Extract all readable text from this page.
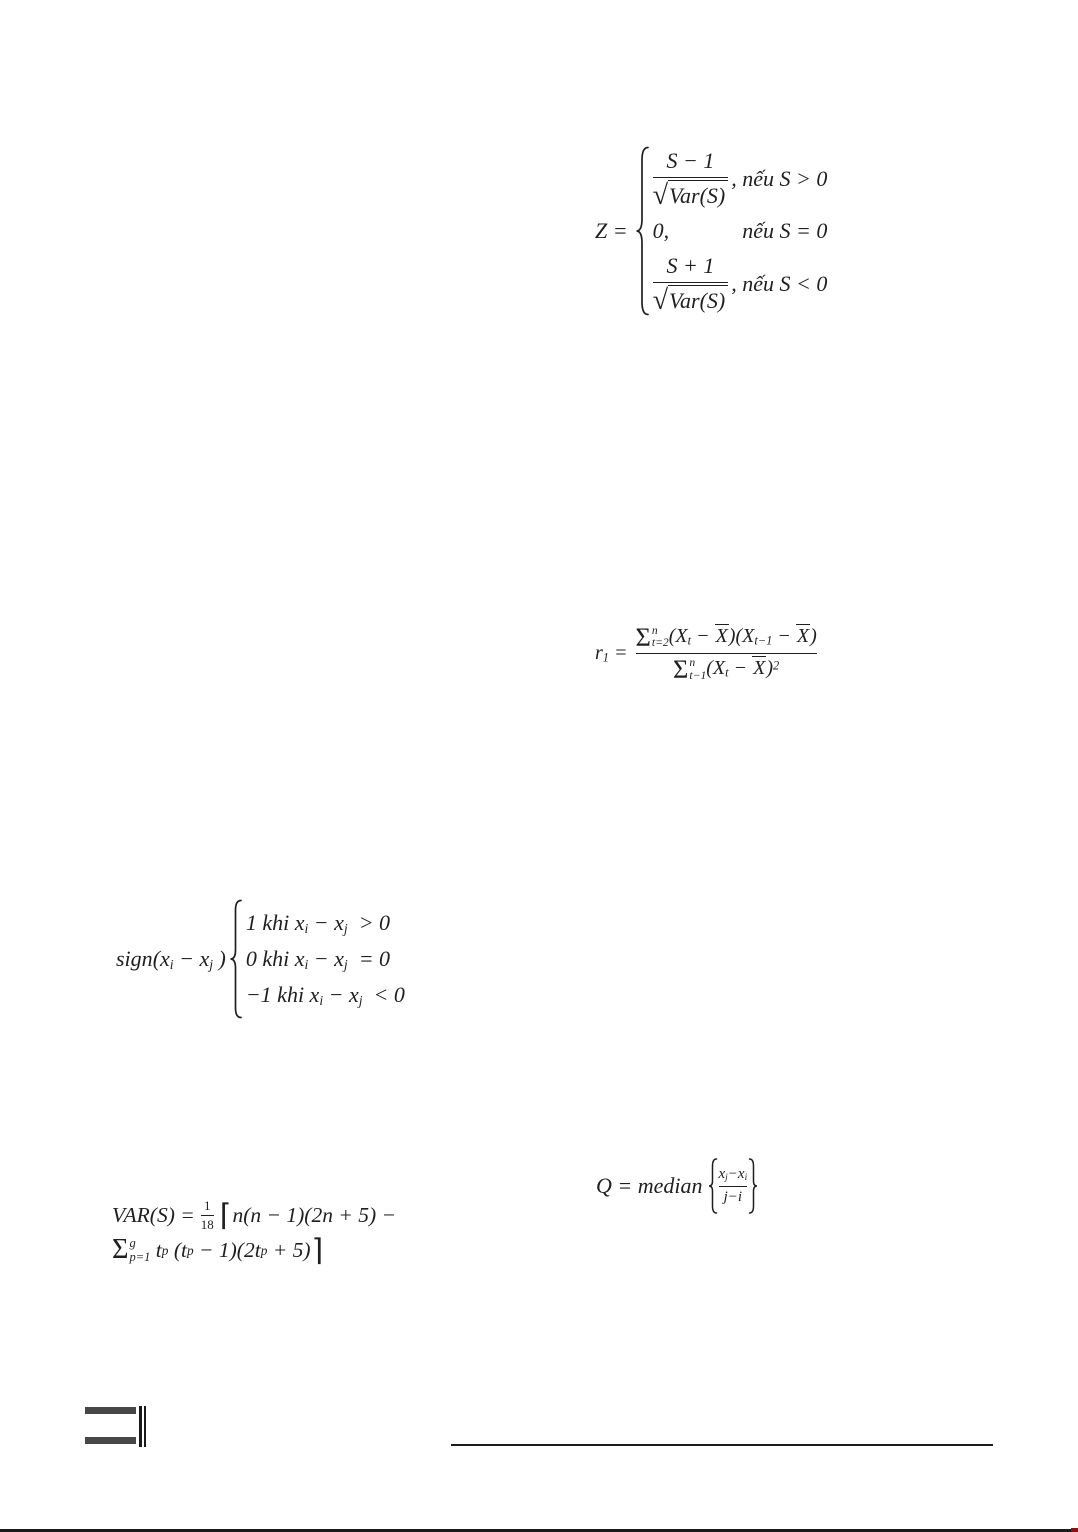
Z =
$\frac{S - 1}{\text{√ Var(S)}}$ , nếu S > 0
0,	nếu S = 0
$\frac{S + 1}{\text{√ Var(S)}}$ , nếu S < 0
$r_1 = \Sigma$ n
t=2 $(X_t - X)(X_{t-1} - X)$
Σ n
t−1 $(X_t - X)^2$
$sign(x_i - x_j$ )
1 khi $x_i - x_j > 0$
0 khi $x_i - x_j = 0$
−1 khi $x_i - x_j < 0$
Q = median $\frac{x_j-x_i}{j-i}$
$VAR(S) = \frac{1}{18}$ ⌈ n(n − 1)(2n + 5) −
Σ g
p=1 t p (t p − 1)(2t p + 5) ⌉
